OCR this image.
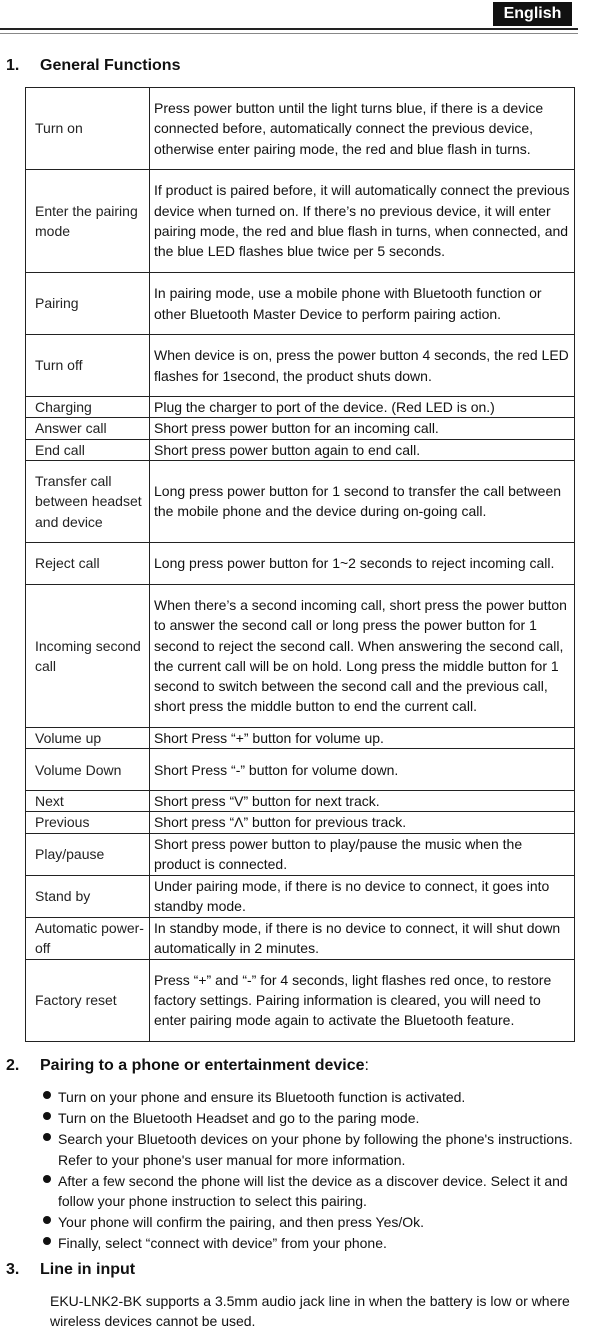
English
1. General Functions
Turn on	Press power button until the light turns blue, if there is a device connected before, automatically connect the previous device, otherwise enter pairing mode, the red and blue flash in turns.
Enter the pairing mode	If product is paired before, it will automatically connect the previous device when turned on. If there’s no previous device, it will enter pairing mode, the red and blue flash in turns, when connected, and the blue LED flashes blue twice per 5 seconds.
Pairing	In pairing mode, use a mobile phone with Bluetooth function or other Bluetooth Master Device to perform pairing action.
Turn off	When device is on, press the power button 4 seconds, the red LED flashes for 1second, the product shuts down.
Charging	Plug the charger to port of the device. (Red LED is on.)
Answer call	Short press power button for an incoming call.
End call	Short press power button again to end call.
Transfer call between headset and device	Long press power button for 1 second to transfer the call between the mobile phone and the device during on-going call.
Reject call	Long press power button for 1~2 seconds to reject incoming call.
Incoming second call	When there’s a second incoming call, short press the power button to answer the second call or long press the power button for 1 second to reject the second call. When answering the second call, the current call will be on hold. Long press the middle button for 1 second to switch between the second call and the previous call, short press the middle button to end the current call.
Volume up	Short Press “+” button for volume up.
Volume Down	Short Press “-” button for volume down.
Next	Short press “V” button for next track.
Previous	Short press “Λ” button for previous track.
Play/pause	Short press power button to play/pause the music when the product is connected.
Stand by	Under pairing mode, if there is no device to connect, it goes into standby mode.
Automatic power-off	In standby mode, if there is no device to connect, it will shut down automatically in 2 minutes.
Factory reset	Press “+” and “-” for 4 seconds, light flashes red once, to restore factory settings. Pairing information is cleared, you will need to enter pairing mode again to activate the Bluetooth feature.
2. Pairing to a phone or entertainment device:
Turn on your phone and ensure its Bluetooth function is activated.
Turn on the Bluetooth Headset and go to the paring mode.
Search your Bluetooth devices on your phone by following the phone's instructions. Refer to your phone's user manual for more information.
After a few second the phone will list the device as a discover device. Select it and follow your phone instruction to select this pairing.
Your phone will confirm the pairing, and then press Yes/Ok.
Finally, select “connect with device” from your phone.
3. Line in input
EKU-LNK2-BK supports a 3.5mm audio jack line in when the battery is low or where wireless devices cannot be used.
